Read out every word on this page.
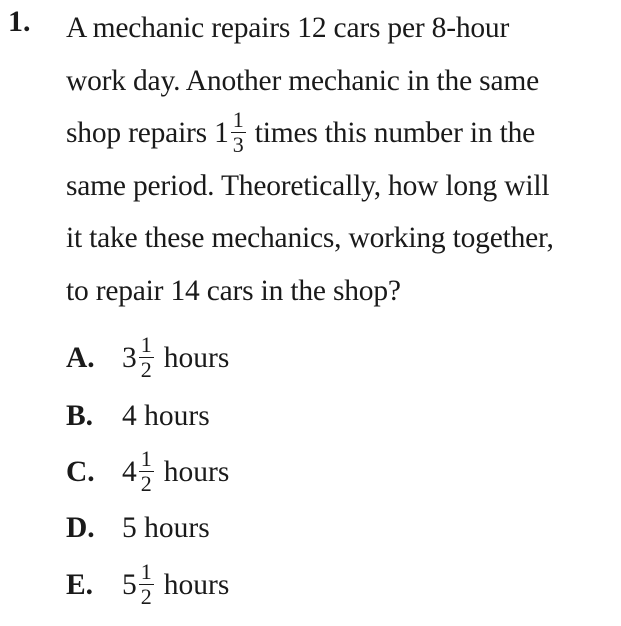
1. A mechanic repairs 12 cars per 8-hour
work day. Another mechanic in the same
shop repairs $1 \frac{1}{3}$ times this number in the
same period. Theoretically, how long will
it take these mechanics, working together,
to repair 14 cars in the shop?
A. $3 \frac{1}{2}$ hours
B. 4 hours
C. $4 \frac{1}{2}$ hours
D. 5 hours
E. $5 \frac{1}{2}$ hours
